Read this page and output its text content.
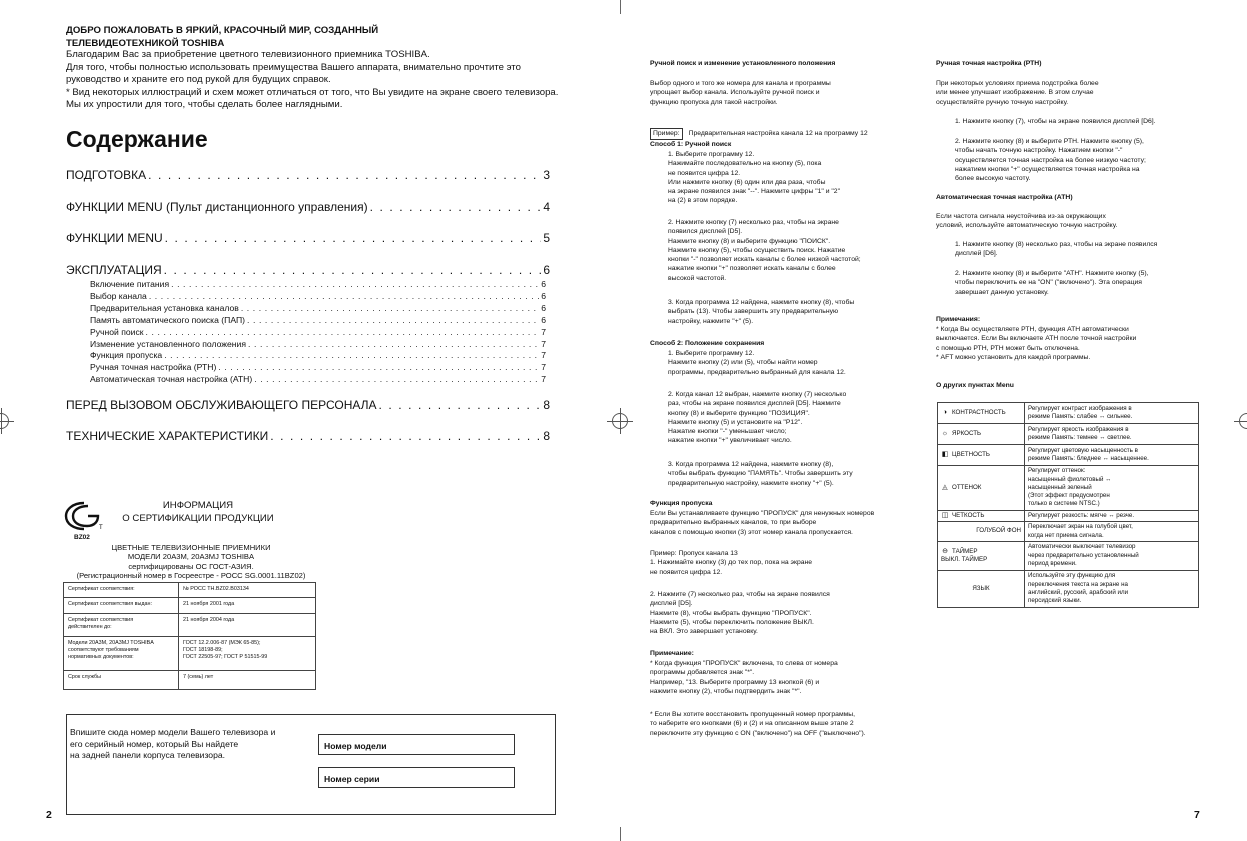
ДОБРО ПОЖАЛОВАТЬ В ЯРКИЙ, КРАСОЧНЫЙ МИР, СОЗДАННЫЙ
ТЕЛЕВИДЕОТЕХНИКОЙ TOSHIBA
Благодарим Вас за приобретение цветного телевизионного приемника TOSHIBA.
Для того, чтобы полностью использовать преимущества Вашего аппарата, внимательно прочтите это
руководство и храните его под рукой для будущих справок.
* Вид некоторых иллюстраций и схем может отличаться от того, что Вы увидите на экране своего телевизора.
Мы их упростили для того, чтобы сделать более наглядными.
Содержание
ПОДГОТОВКА . . .	3
ФУНКЦИИ MENU (Пульт дистанционного управления) . . .	4
ФУНКЦИИ MENU . . .	5
ЭКСПЛУАТАЦИЯ . . .	6
Включение питания . . .	6
Выбор канала . . .	6
Предварительная установка каналов . . .	6
Память автоматического поиска (ПАП) . . .	6
Ручной поиск . . .	7
Изменение установленного положения . . .	7
Функция пропуска . . .	7
Ручная точная настройка (РТН) . . .	7
Автоматическая точная настройка (АТН) . . .	7
ПЕРЕД ВЫЗОВОМ ОБСЛУЖИВАЮЩЕГО ПЕРСОНАЛА . . .	8
ТЕХНИЧЕСКИЕ ХАРАКТЕРИСТИКИ . . .	8
T
BZ02
ИНФОРМАЦИЯ
О СЕРТИФИКАЦИИ ПРОДУКЦИИ
ЦВЕТНЫЕ ТЕЛЕВИЗИОННЫЕ ПРИЕМНИКИ
МОДЕЛИ 20A3M, 20A3MJ TOSHIBA
сертифицированы ОС ГОСТ-АЗИЯ.
(Регистрационный номер в Госреестре - РОСС SG.0001.11BZ02)
Сертификат соответствия:	№ РОСС TH.BZ02.B03134
Сертификат соответствия выдан:	21 ноября 2001 года
Сертификат соответствия
действителен до:	21 ноября 2004 года
Модели 20A3M, 20A3MJ TOSHIBA
соответствуют требованиям
нормативных документов:	ГОСТ 12.2.006-87 (МЭК 65-85);
ГОСТ 18198-89;
ГОСТ 22505-97; ГОСТ Р 51515-99
Срок службы	7 (семь) лет
Впишите сюда номер модели Вашего телевизора и
его серийный номер, который Вы найдете
на задней панели корпуса телевизора.
Номер модели
Номер серии
2
Ручной поиск и изменение установленного положения
Выбор одного и того же номера для канала и программы
упрощает выбор канала. Используйте ручной поиск и
функцию пропуска для такой настройки.

Пример: Предварительная настройка канала 12 на программу 12

Способ 1: Ручной поиск
1. Выберите программу 12.
Нажимайте последовательно на кнопку (5), пока
не появится цифра 12.
Или нажмите кнопку (6) один или два раза, чтобы
на экране появился знак "--". Нажмите цифры "1" и "2"
на (2) в этом порядке.
2. Нажмите кнопку (7) несколько раз, чтобы на экране
появился дисплей [D5].
Нажмите кнопку (8) и выберите функцию "ПОИСК".
Нажмите кнопку (5), чтобы осуществить поиск. Нажатие
кнопки "-" позволяет искать каналы с более низкой частотой;
нажатие кнопки "+" позволяет искать каналы с более
высокой частотой.
3. Когда программа 12 найдена, нажмите кнопку (8), чтобы
выбрать (13). Чтобы завершить эту предварительную
настройку, нажмите "+" (5).
Способ 2: Положение сохранения
1. Выберите программу 12.
Нажмите кнопку (2) или (5), чтобы найти номер
программы, предварительно выбранный для канала 12.
2. Когда канал 12 выбран, нажмите кнопку (7) несколько
раз, чтобы на экране появился дисплей [D5]. Нажмите
кнопку (8) и выберите функцию "ПОЗИЦИЯ".
Нажмите кнопку (5) и установите на "P12".
Нажатие кнопки "-" уменьшает число;
нажатие кнопки "+" увеличивает число.
3. Когда программа 12 найдена, нажмите кнопку (8),
чтобы выбрать функцию "ПАМЯТЬ". Чтобы завершить эту
предварительную настройку, нажмите кнопку "+" (5).
Функция пропуска
Если Вы устанавливаете функцию "ПРОПУСК" для ненужных номеров
предварительно выбранных каналов, то при выборе
каналов с помощью кнопки (3) этот номер канала пропускается.
Пример: Пропуск канала 13
1. Нажимайте кнопку (3) до тех пор, пока на экране
не появится цифра 12.
2. Нажмите (7) несколько раз, чтобы на экране появился
дисплей [D5].
Нажмите (8), чтобы выбрать функцию "ПРОПУСК".
Нажмите (5), чтобы переключить положение ВЫКЛ.
на ВКЛ. Это завершает установку.
Примечание:
* Когда функция "ПРОПУСК" включена, то слева от номера
программы добавляется знак "*".
Например, "13. Выберите программу 13 кнопкой (6) и
нажмите кнопку (2), чтобы подтвердить знак "*".
* Если Вы хотите восстановить пропущенный номер программы,
то наберите его кнопками (6) и (2) и на описанном выше этапе 2
переключите эту функцию с ON ("включено") на OFF ("выключено").
Ручная точная настройка (РТН)
При некоторых условиях приема подстройка более
или менее улучшает изображение. В этом случае
осуществляйте ручную точную настройку.
1. Нажмите кнопку (7), чтобы на экране появился дисплей [D6].
2. Нажмите кнопку (8) и выберите РТН. Нажмите кнопку (5),
чтобы начать точную настройку. Нажатием кнопки "-"
осуществляется точная настройка на более низкую частоту;
нажатием кнопки "+" осуществляется точная настройка на
более высокую частоту.
Автоматическая точная настройка (АТН)
Если частота сигнала неустойчива из-за окружающих
условий, используйте автоматическую точную настройку.
1. Нажмите кнопку (8) несколько раз, чтобы на экране появился
дисплей [D6].
2. Нажмите кнопку (8) и выберите "АТН". Нажмите кнопку (5),
чтобы переключить ее на "ON" ("включено"). Эта операция
завершает данную установку.
Примечания:
* Когда Вы осуществляете РТН, функция АТН автоматически
выключается. Если Вы включаете АТН после точной настройки
с помощью РТН, РТН может быть отключена.
* AFT можно установить для каждой программы.
О других пунктах Menu
◑ КОНТРАСТНОСТЬ	Регулирует контраст изображения в
режиме Память: слабее ↔ сильнее.
☼ ЯРКОСТЬ	Регулирует яркость изображения в
режиме Память: темнее ↔ светлее.
◧ ЦВЕТНОСТЬ	Регулирует цветовую насыщенность в
режиме Память: бледнее ↔ насыщеннее.
◬ ОТТЕНОК	Регулирует оттенок:
насыщенный фиолетовый ↔
насыщенный зеленый
(Этот эффект предусмотрен
только в системе NTSC.)
◫ ЧЕТКОСТЬ	Регулирует резкость: мягче ↔ резче.
ГОЛУБОЙ ФОН	Переключает экран на голубой цвет,
когда нет приема сигнала.
⊖ ТАЙМЕР
ВЫКЛ. ТАЙМЕР	Автоматически выключает телевизор
через предварительно установленный
период времени.
ЯЗЫК	Используйте эту функцию для
переключения текста на экране на
английский, русский, арабский или
персидский языки.
7
